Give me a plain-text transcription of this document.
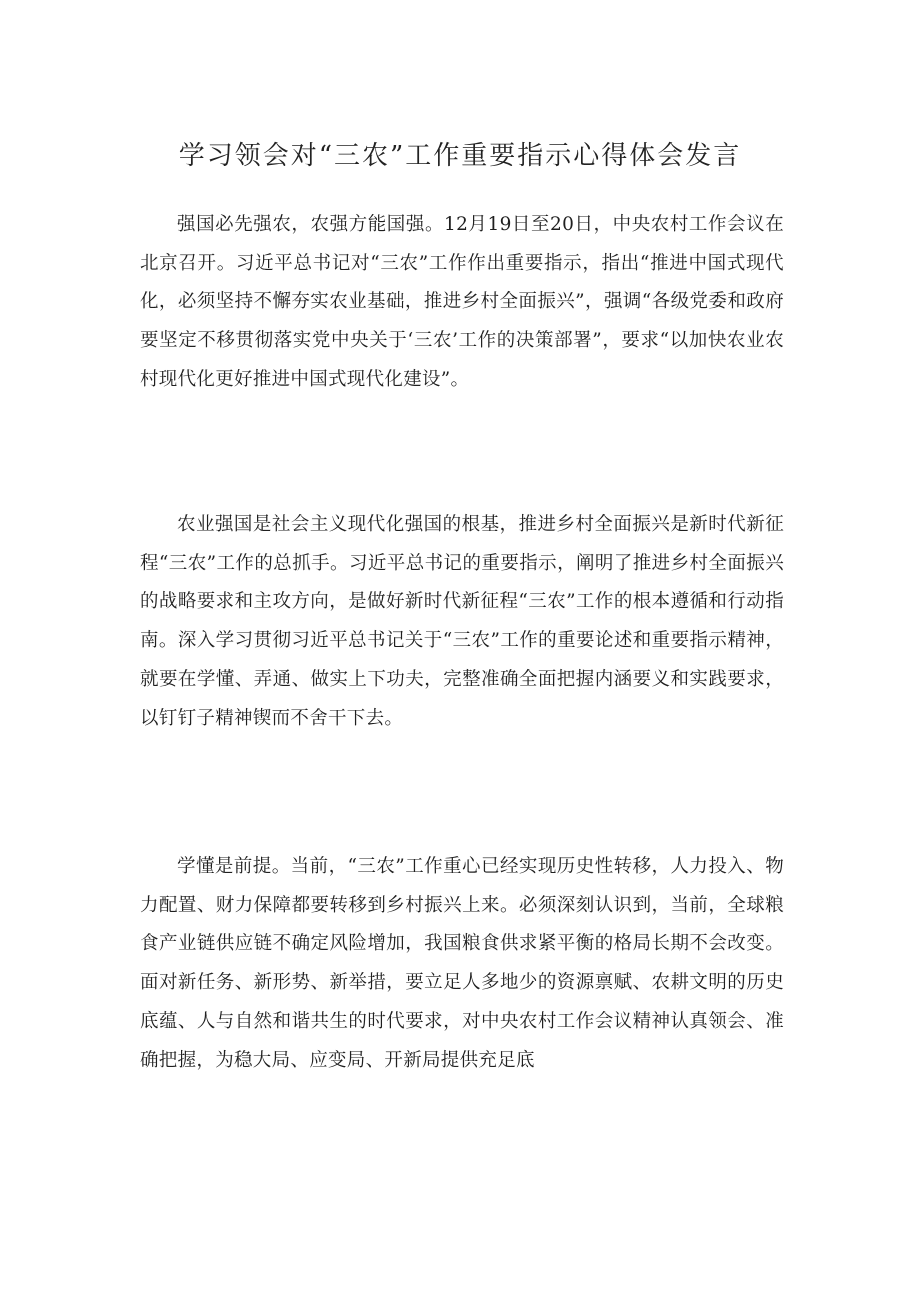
学习领会对“三农”工作重要指示心得体会发言

强国必先强农，农强方能国强。12月19日至20日，中央农村工作会议在北京召开。习近平总书记对“三农”工作作出重要指示，指出“推进中国式现代化，必须坚持不懈夯实农业基础，推进乡村全面振兴”，强调“各级党委和政府要坚定不移贯彻落实党中央关于‘三农’工作的决策部署”，要求“以加快农业农村现代化更好推进中国式现代化建设”。

农业强国是社会主义现代化强国的根基，推进乡村全面振兴是新时代新征程“三农”工作的总抓手。习近平总书记的重要指示，阐明了推进乡村全面振兴的战略要求和主攻方向，是做好新时代新征程“三农”工作的根本遵循和行动指南。深入学习贯彻习近平总书记关于“三农”工作的重要论述和重要指示精神，就要在学懂、弄通、做实上下功夫，完整准确全面把握内涵要义和实践要求，以钉钉子精神锲而不舍干下去。

学懂是前提。当前，“三农”工作重心已经实现历史性转移，人力投入、物力配置、财力保障都要转移到乡村振兴上来。必须深刻认识到，当前，全球粮食产业链供应链不确定风险增加，我国粮食供求紧平衡的格局长期不会改变。面对新任务、新形势、新举措，要立足人多地少的资源禀赋、农耕文明的历史底蕴、人与自然和谐共生的时代要求，对中央农村工作会议精神认真领会、准确把握，为稳大局、应变局、开新局提供充足底
